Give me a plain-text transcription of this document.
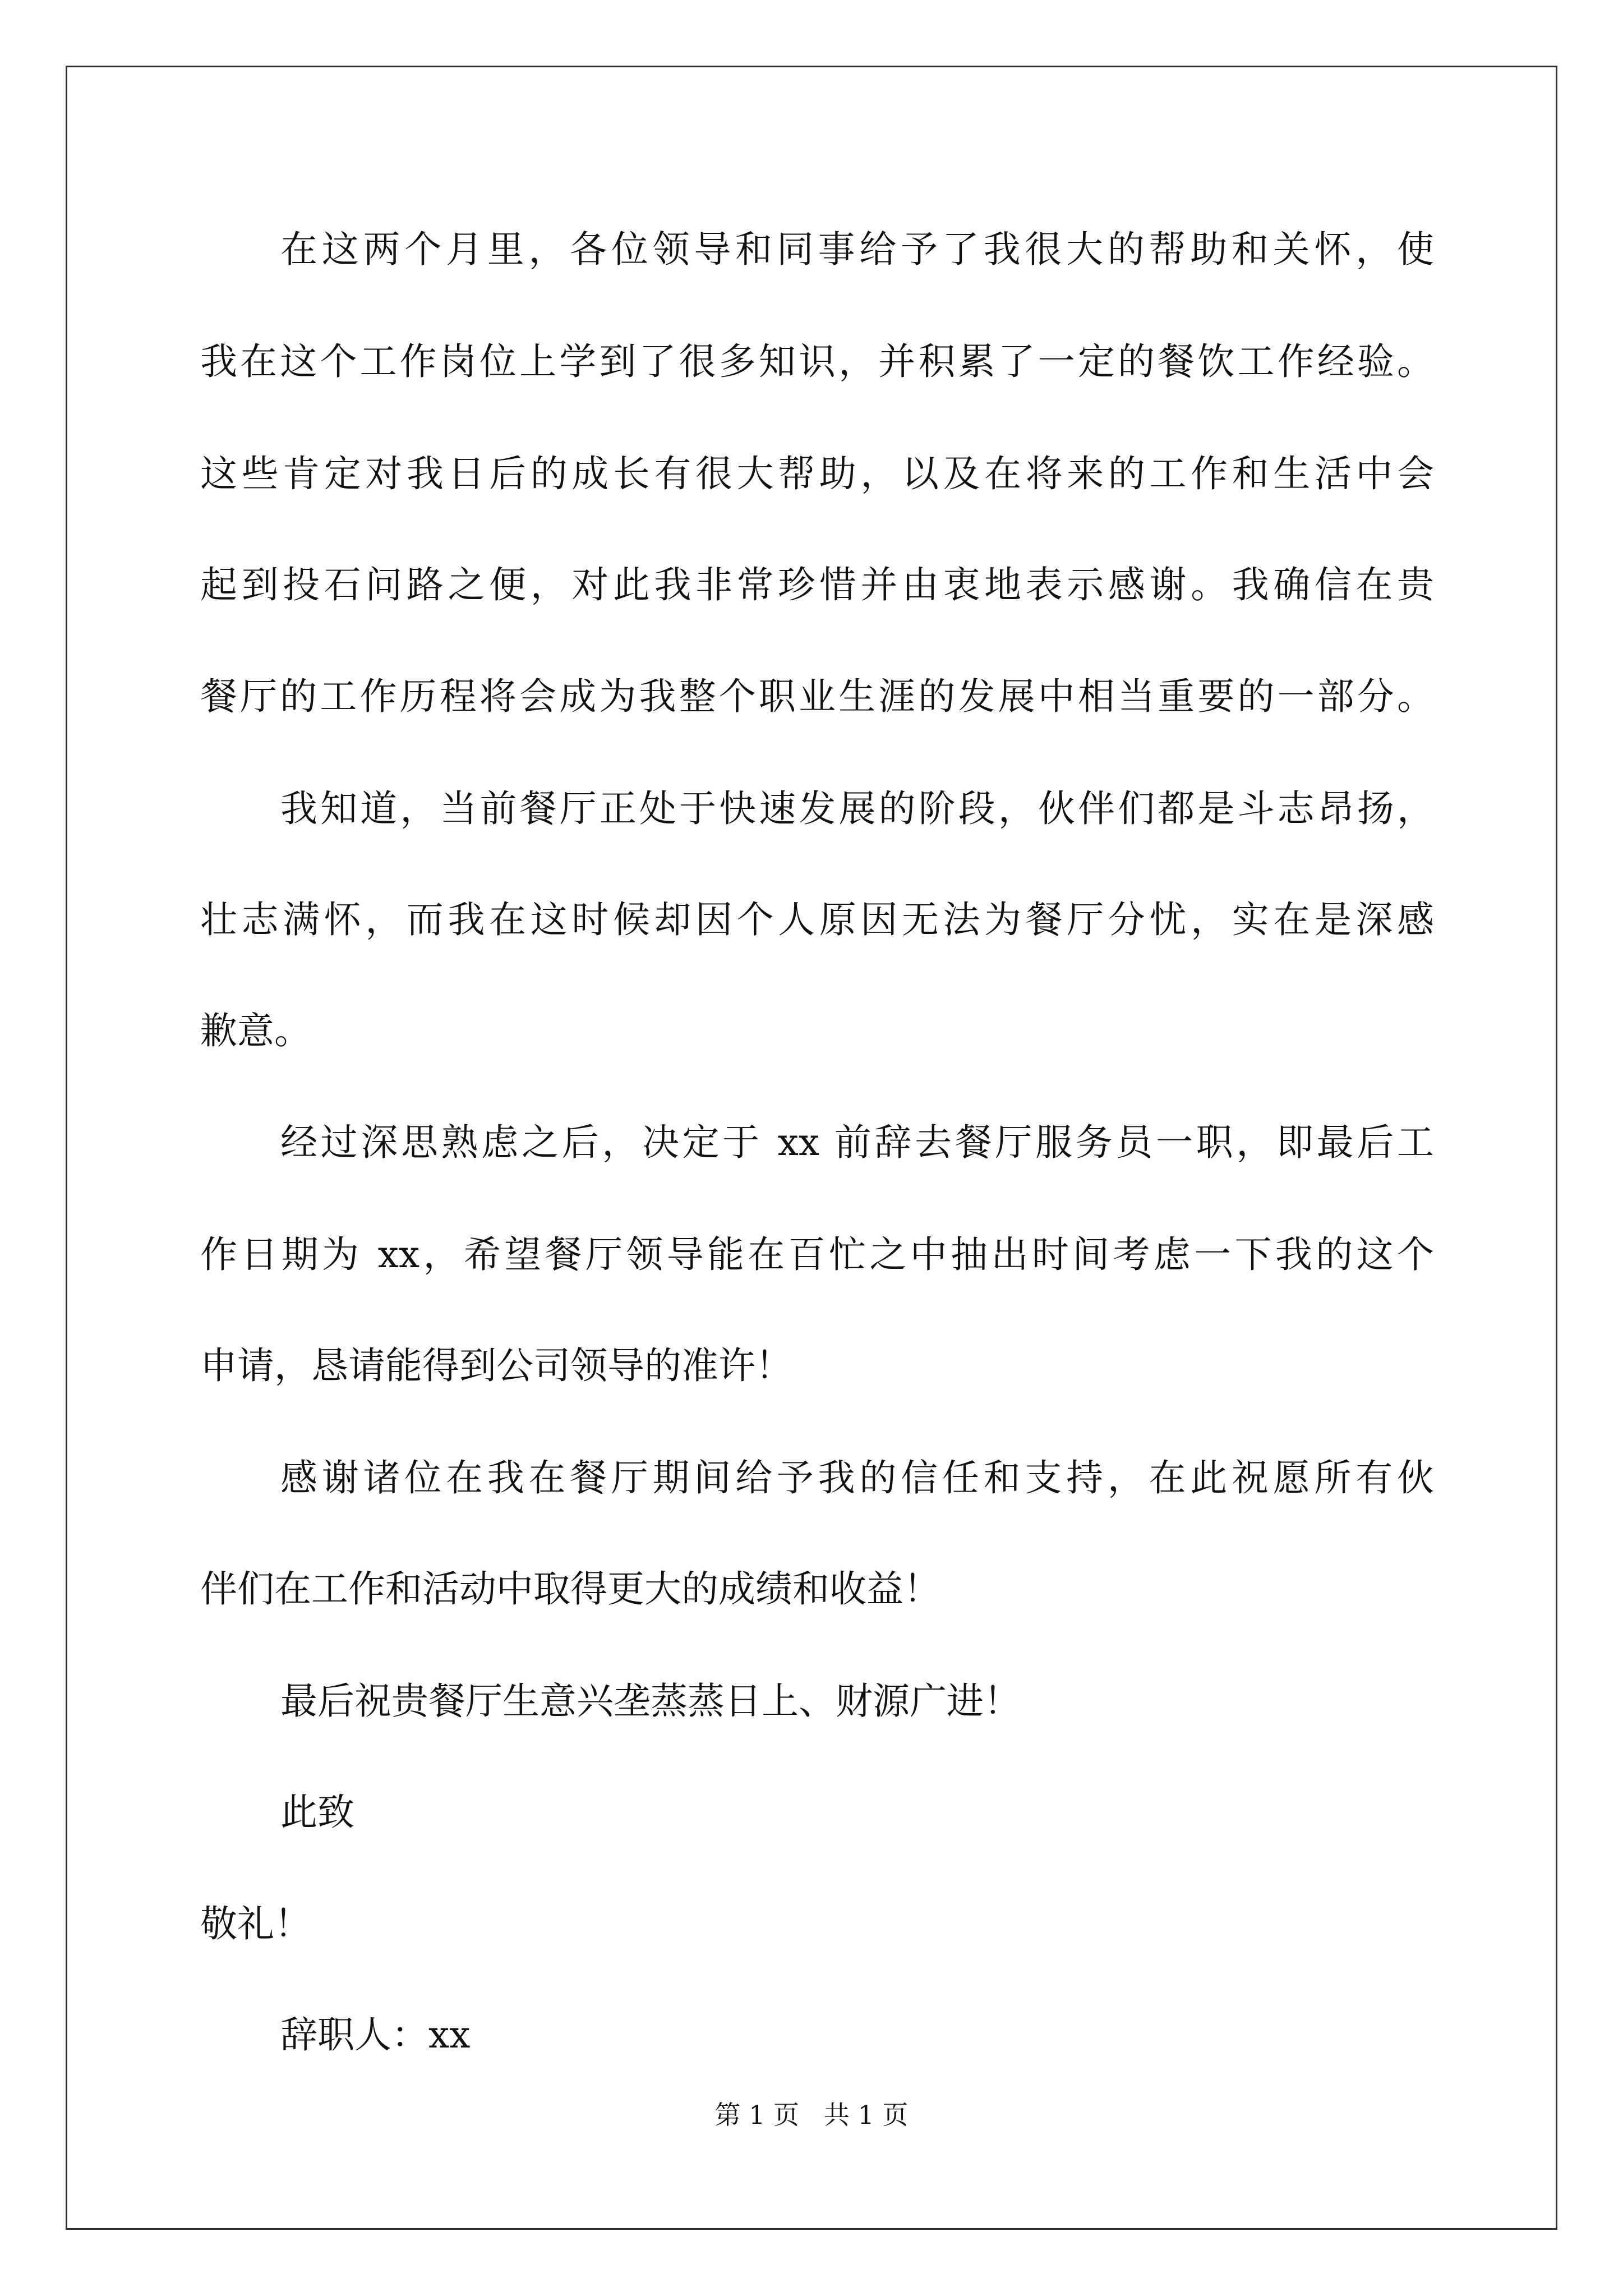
在这两个月里，各位领导和同事给予了我很大的帮助和关怀，使
我在这个工作岗位上学到了很多知识，并积累了一定的餐饮工作经验。
这些肯定对我日后的成长有很大帮助，以及在将来的工作和生活中会
起到投石问路之便，对此我非常珍惜并由衷地表示感谢。我确信在贵
餐厅的工作历程将会成为我整个职业生涯的发展中相当重要的一部分。
我知道，当前餐厅正处于快速发展的阶段，伙伴们都是斗志昂扬，
壮志满怀，而我在这时候却因个人原因无法为餐厅分忧，实在是深感
歉意。
经过深思熟虑之后，决定于 xx 前辞去餐厅服务员一职，即最后工
作日期为 xx，希望餐厅领导能在百忙之中抽出时间考虑一下我的这个
申请，恳请能得到公司领导的准许！
感谢诸位在我在餐厅期间给予我的信任和支持，在此祝愿所有伙
伴们在工作和活动中取得更大的成绩和收益！
最后祝贵餐厅生意兴垄蒸蒸日上、财源广进！
此致
敬礼！
辞职人：xx
第 1 页   共 1 页
